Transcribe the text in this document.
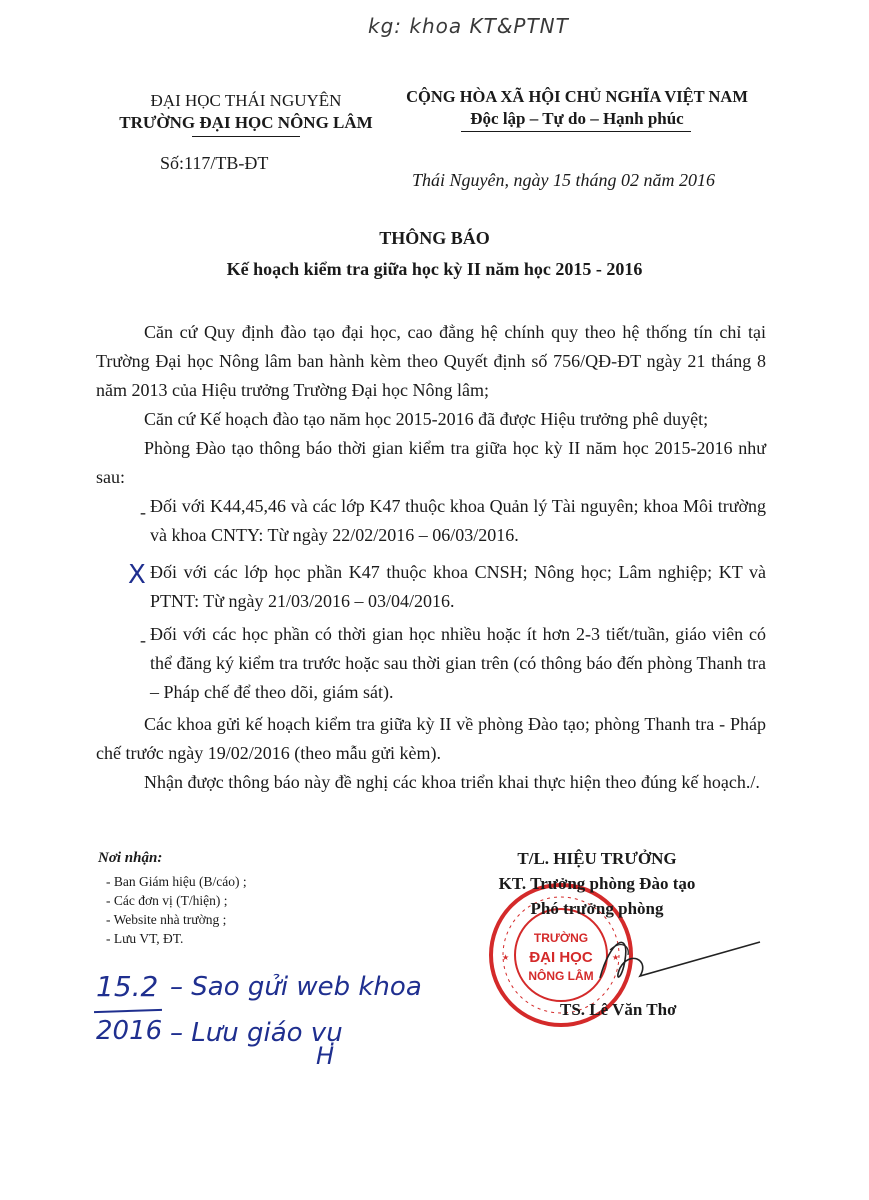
kg: khoa KT&PTNT
ĐẠI HỌC THÁI NGUYÊN
TRƯỜNG ĐẠI HỌC NÔNG LÂM
Số:117/TB-ĐT
CỘNG HÒA XÃ HỘI CHỦ NGHĨA VIỆT NAM
Độc lập – Tự do – Hạnh phúc
Thái Nguyên, ngày 15 tháng 02 năm 2016
THÔNG BÁO
Kế hoạch kiểm tra giữa học kỳ II năm học 2015 - 2016
Căn cứ Quy định đào tạo đại học, cao đẳng hệ chính quy theo hệ thống tín chỉ tại Trường Đại học Nông lâm ban hành kèm theo Quyết định số 756/QĐ-ĐT ngày 21 tháng 8 năm 2013 của Hiệu trưởng Trường Đại học Nông lâm;
Căn cứ Kế hoạch đào tạo năm học 2015-2016 đã được Hiệu trưởng phê duyệt;
Phòng Đào tạo thông báo thời gian kiểm tra giữa học kỳ II năm học 2015-2016 như sau:
- Đối với K44,45,46 và các lớp K47 thuộc khoa Quản lý Tài nguyên; khoa Môi trường và khoa CNTY: Từ ngày 22/02/2016 – 06/03/2016.
X Đối với các lớp học phần K47 thuộc khoa CNSH; Nông học; Lâm nghiệp; KT và PTNT: Từ ngày 21/03/2016 – 03/04/2016.
- Đối với các học phần có thời gian học nhiều hoặc ít hơn 2-3 tiết/tuần, giáo viên có thể đăng ký kiểm tra trước hoặc sau thời gian trên (có thông báo đến phòng Thanh tra – Pháp chế để theo dõi, giám sát).
Các khoa gửi kế hoạch kiểm tra giữa kỳ II về phòng Đào tạo; phòng Thanh tra - Pháp chế trước ngày 19/02/2016 (theo mẫu gửi kèm).
Nhận được thông báo này đề nghị các khoa triển khai thực hiện theo đúng kế hoạch./.
Nơi nhận:
- Ban Giám hiệu (B/cáo) ;
- Các đơn vị (T/hiện) ;
- Website nhà trường ;
- Lưu VT, ĐT.	TRƯỜNG
ĐẠI HỌC
NÔNG LÂM
★	★
T/L. HIỆU TRƯỞNG
KT. Trưởng phòng Đào tạo
Phó trưởng phòng
TS. Lê Văn Thơ
15.2 – Sao gửi web khoa
2016 – Lưu giáo vụ
H
